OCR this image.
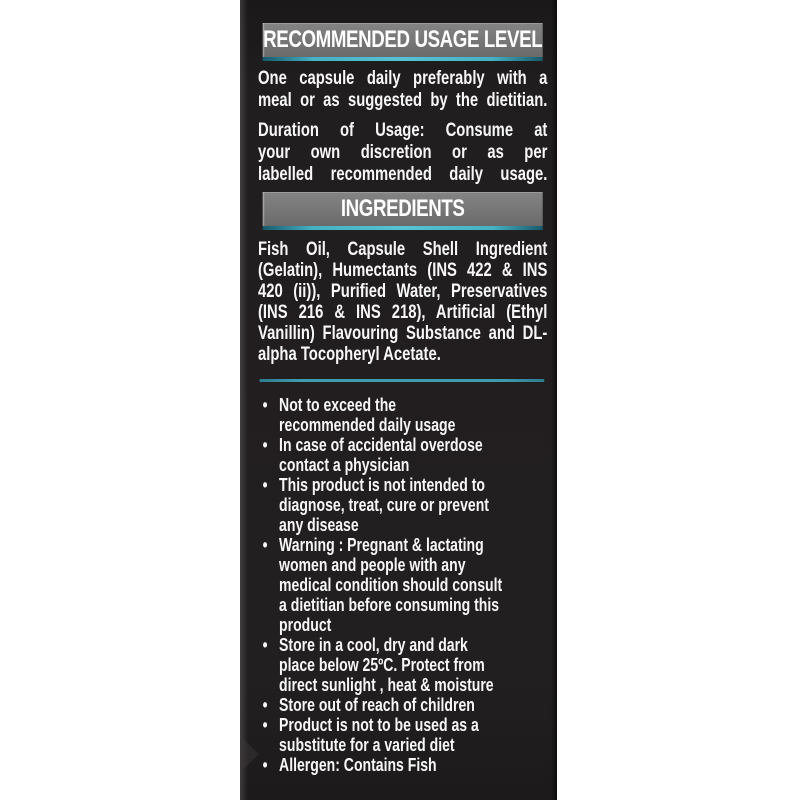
RECOMMENDED USAGE LEVEL
One capsule daily preferably with a
meal or as suggested by the dietitian.
Duration of Usage: Consume at
your own discretion or as per
labelled recommended daily usage.
INGREDIENTS
Fish Oil, Capsule Shell Ingredient
(Gelatin), Humectants (INS 422 & INS
420 (ii)), Purified Water, Preservatives
(INS 216 & INS 218), Artificial (Ethyl
Vanillin) Flavouring Substance and DL-
alpha Tocopheryl Acetate.
• Not to exceed the
recommended daily usage
• In case of accidental overdose
contact a physician
• This product is not intended to
diagnose, treat, cure or prevent
any disease
• Warning : Pregnant & lactating
women and people with any
medical condition should consult
a dietitian before consuming this
product
• Store in a cool, dry and dark
place below 25ºC. Protect from
direct sunlight , heat & moisture
• Store out of reach of children
• Product is not to be used as a
substitute for a varied diet
• Allergen: Contains Fish
